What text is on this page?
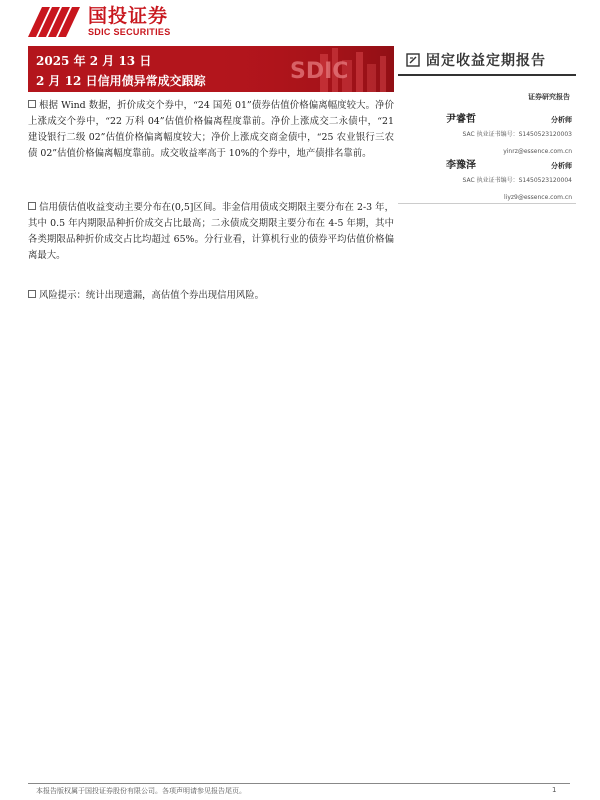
国投证券
SDIC SECURITIES
SDIC
2025 年 2 月 13 日
2 月 12 日信用债异常成交跟踪
固定收益定期报告
证券研究报告
尹睿哲	分析师
SAC 执业证书编号：S1450523120003
yinrz@essence.com.cn
李豫泽	分析师
SAC 执业证书编号：S1450523120004
liyz9@essence.com.cn
根据 Wind 数据，折价成交个券中，“24 国苑 01”债券估值价格偏离幅度较大。净价上涨成交个券中，“22 万科 04”估值价格偏离程度靠前。净价上涨成交二永债中，“21 建设银行二级 02”估值价格偏离幅度较大；净价上涨成交商金债中，“25 农业银行三农债 02”估值价格偏离幅度靠前。成交收益率高于 10%的个券中，地产债排名靠前。
信用债估值收益变动主要分布在(0,5]区间。非金信用债成交期限主要分布在 2-3 年，其中 0.5 年内期限品种折价成交占比最高；二永债成交期限主要分布在 4-5 年期，其中各类期限品种折价成交占比均超过 65%。分行业看，计算机行业的债券平均估值价格偏离最大。
风险提示：统计出现遗漏，高估值个券出现信用风险。
本报告版权属于国投证券股份有限公司。各项声明请参见报告尾页。	1
